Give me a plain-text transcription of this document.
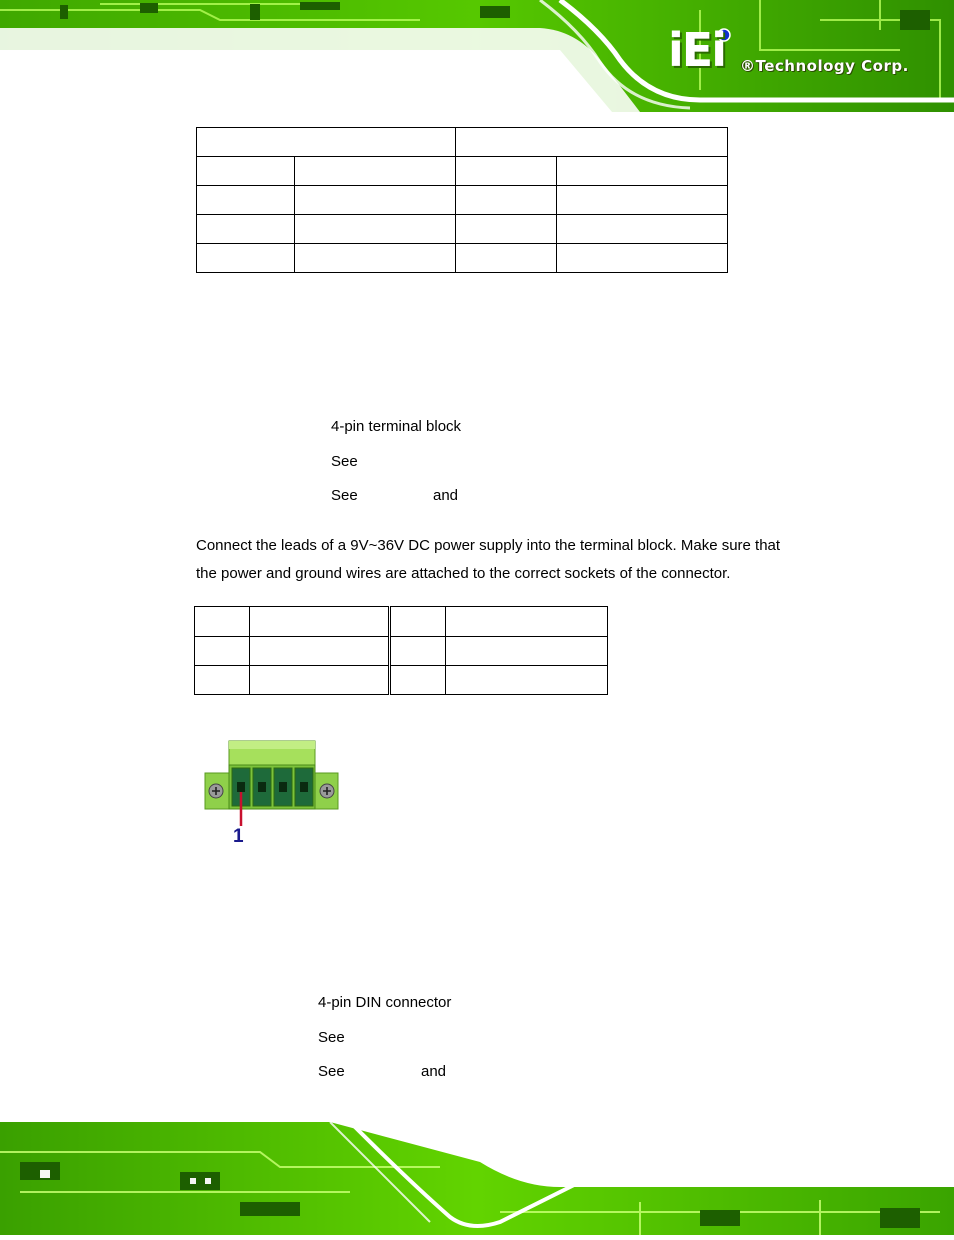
iEi ®Technology Corp.

4-pin terminal block
See
See	and
Connect the leads of a 9V~36V DC power supply into the terminal block. Make sure that
the power and ground wires are attached to the correct sockets of the connector.

1
4-pin DIN connector
See
See	and
